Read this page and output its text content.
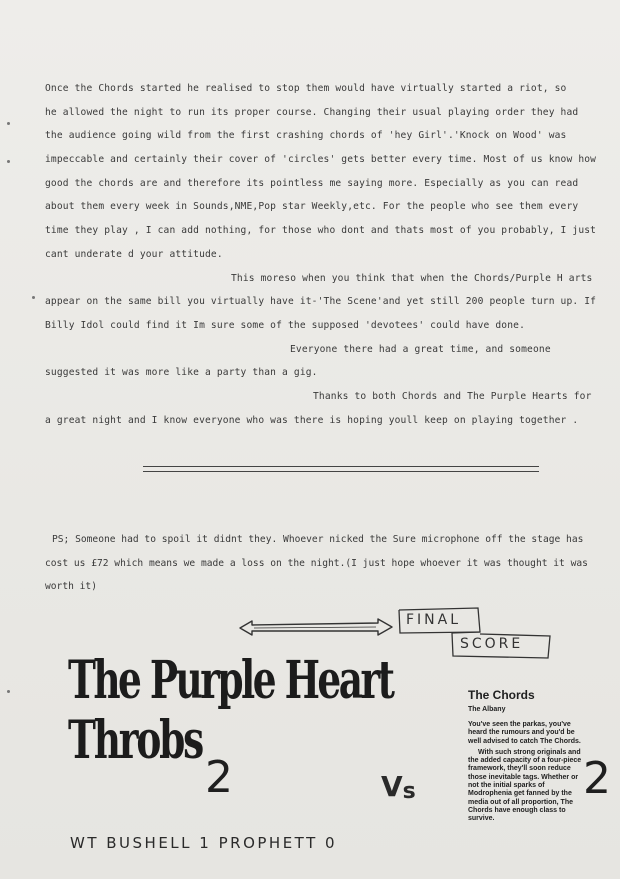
Once the Chords started he realised to stop them would have virtually started a riot, so
he allowed the night to run its proper course. Changing their usual playing order they had
the audience going wild from the first crashing chords of 'hey Girl'.'Knock on Wood' was
impeccable and certainly their cover of 'circles' gets better every time. Most of us know how
good the chords are and therefore its pointless me saying more. Especially as you can read
about them every week in Sounds,NME,Pop star Weekly,etc. For the people who see them every
time they play , I can add nothing, for those who dont and thats most of you probably, I just
cant underate d your attitude.
This moreso when you think that when the Chords/Purple H arts
appear on the same bill you virtually have it-'The Scene'and yet still 200 people turn up. If
Billy Idol could find it Im sure some of the supposed 'devotees' could have done.
Everyone there had a great time, and someone
suggested it was more like a party than a gig.
Thanks to both Chords and The Purple Hearts for
a great night and I know everyone who was there is hoping youll keep on playing together .
PS; Someone had to spoil it didnt they. Whoever nicked the Sure microphone off the stage has
cost us £72 which means we made a loss on the night.(I just hope whoever it was thought it was
worth it)
FINAL
SCORE
The Purple Heart
Throbs
2	$V_s$	2
WT BUSHELL 1 PROPHETT 0
The Chords
The Albany
You've seen the parkas, you've heard the rumours and you'd be well advised to catch The Chords.
With such strong originals and the added capacity of a four-piece framework, they'll soon reduce those inevitable tags. Whether or not the initial sparks of Modrophenia get fanned by the media out of all proportion, The Chords have enough class to survive.
